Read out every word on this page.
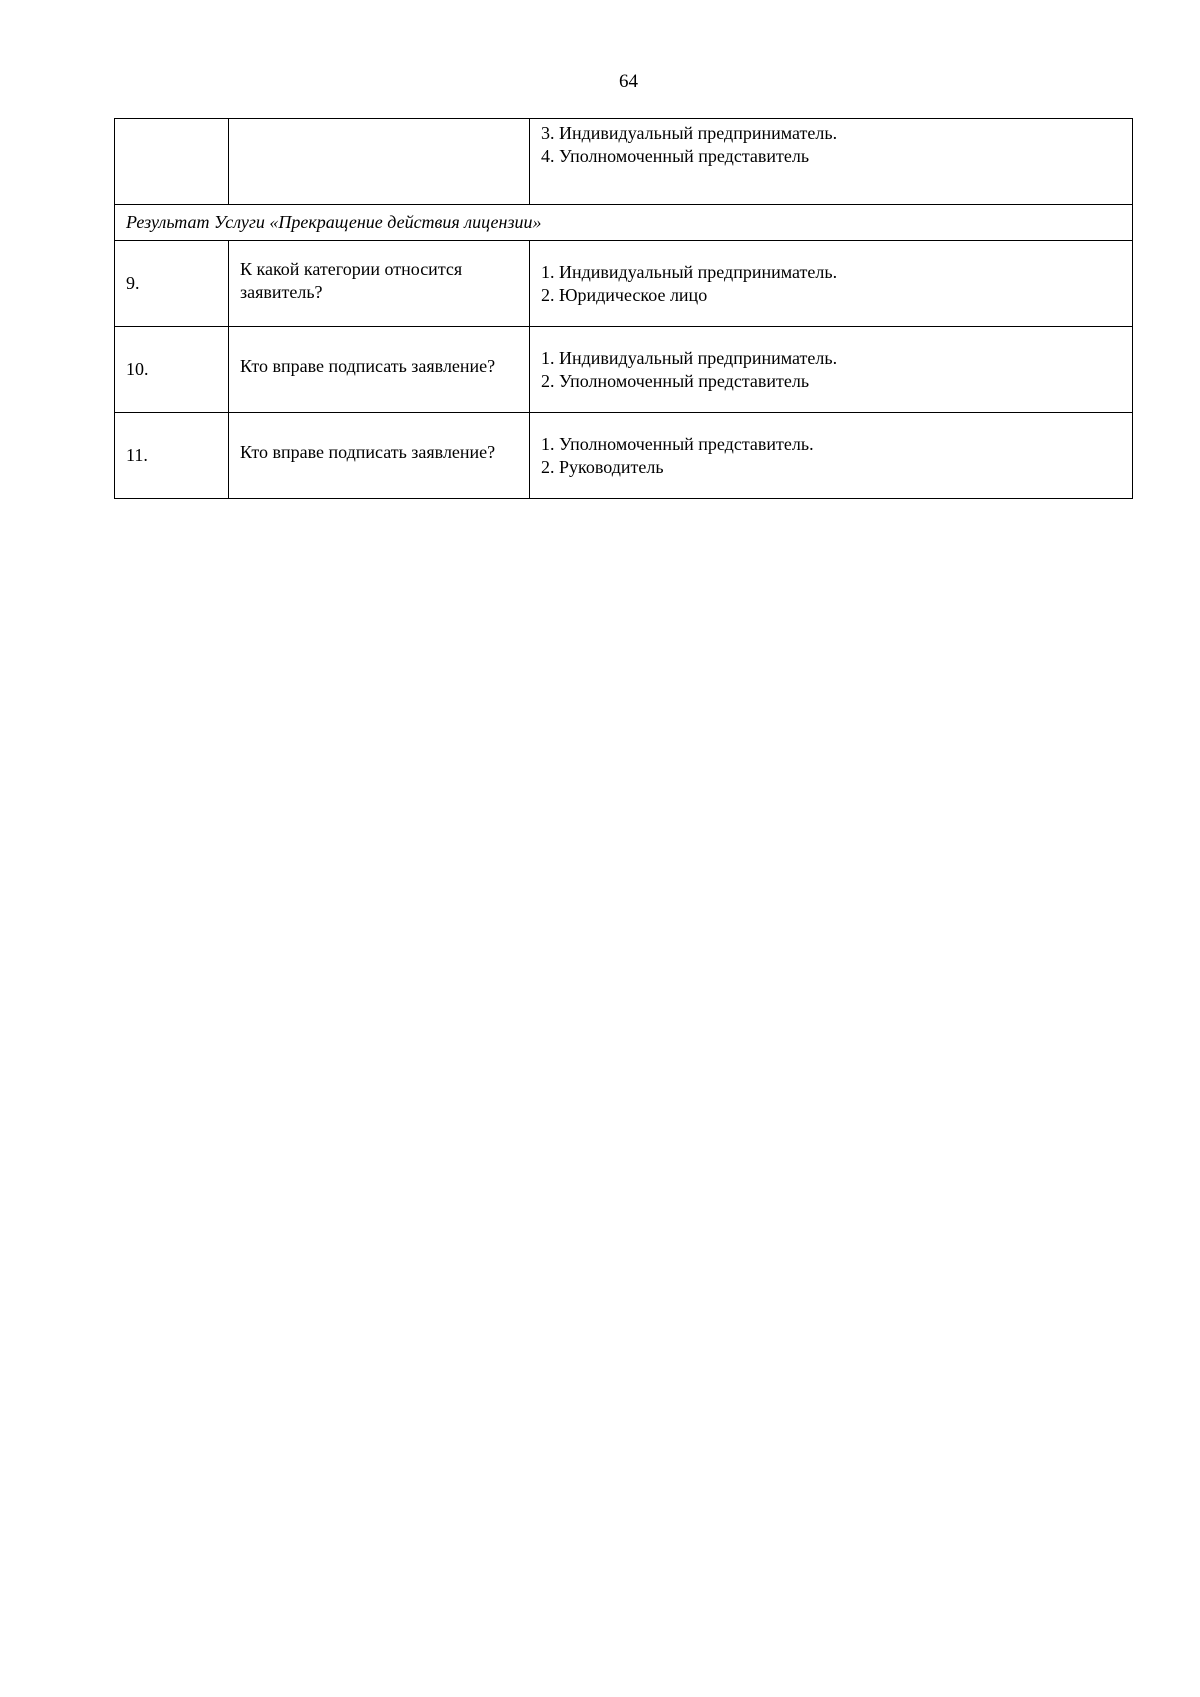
64

		3. Индивидуальный предприниматель.
4. Уполномоченный представитель

Результат Услуги «Прекращение действия лицензии»		
9.	К какой категории относится заявитель?	1. Индивидуальный предприниматель.
2. Юридическое лицо

10.	Кто вправе подписать заявление?	1. Индивидуальный предприниматель.
2. Уполномоченный представитель

11.	Кто вправе подписать заявление?	1. Уполномоченный представитель.
2. Руководитель
